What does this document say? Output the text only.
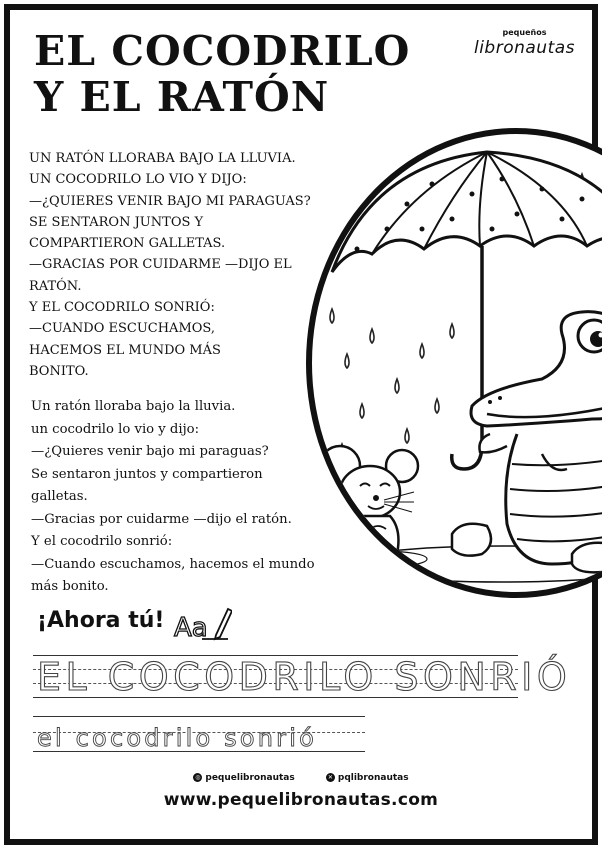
EL COCODRILO
Y EL RATÓN
pequeños
libronautas
UN RATÓN LLORABA BAJO LA LLUVIA.
UN COCODRILO LO VIO Y DIJO:
—¿QUIERES VENIR BAJO MI PARAGUAS?
SE SENTARON JUNTOS Y
COMPARTIERON GALLETAS.
—GRACIAS POR CUIDARME —DIJO EL
RATÓN.
Y EL COCODRILO SONRIÓ:
—CUANDO ESCUCHAMOS,
HACEMOS EL MUNDO MÁS
BONITO.
Un ratón lloraba bajo la lluvia.
un cocodrilo lo vio y dijo:
—¿Quieres venir bajo mi paraguas?
Se sentaron juntos y compartieron
galletas.
—Gracias por cuidarme —dijo el ratón.
Y el cocodrilo sonrió:
—Cuando escuchamos, hacemos el mundo
más bonito.
¡Ahora tú! Aa
EL COCODRILO SONRIÓ
el cocodrilo sonrió
◎ pequelibronautas
	✕ pqlibronautas
www.pequelibronautas.com
